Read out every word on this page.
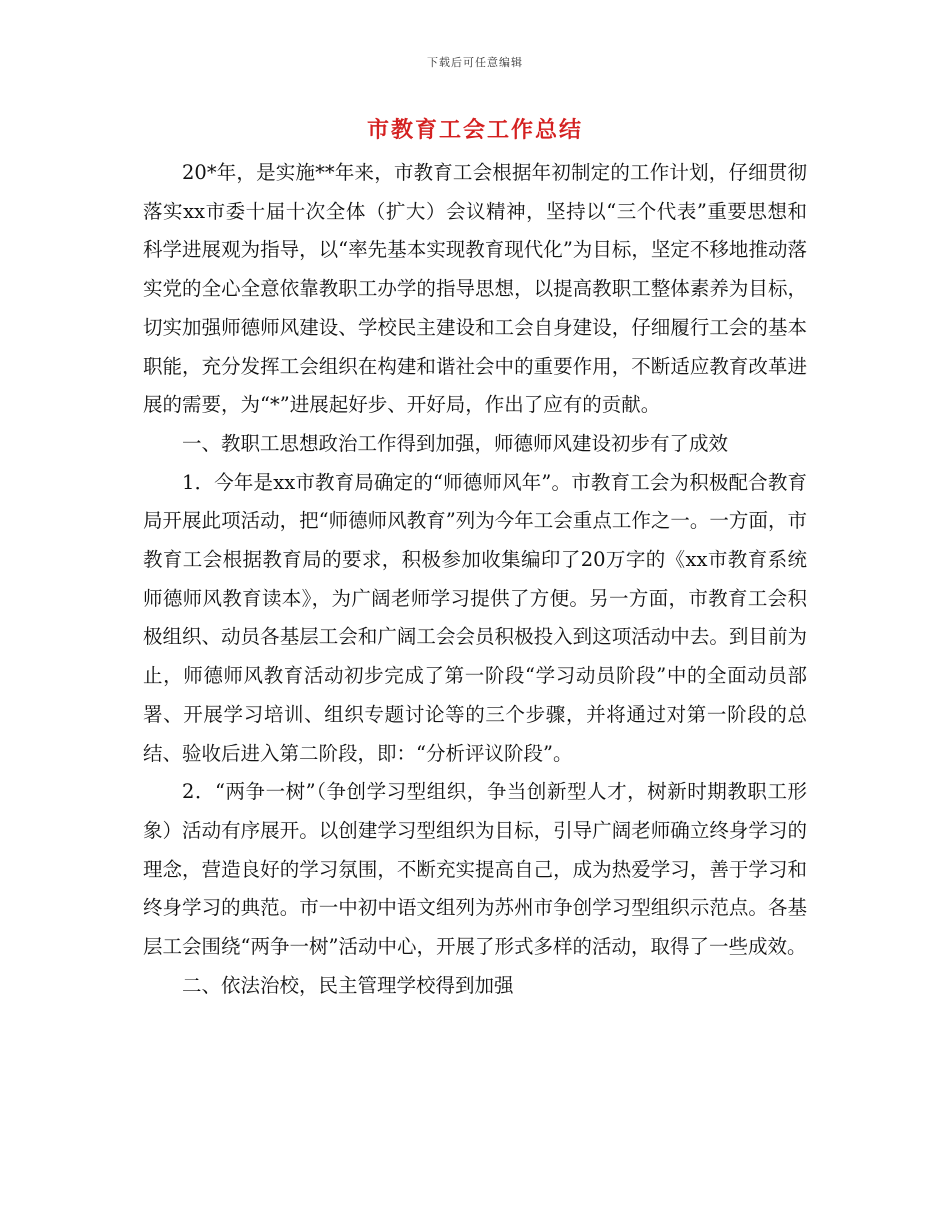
下载后可任意编辑
市教育工会工作总结

20*年，是实施**年来，市教育工会根据年初制定的工作计划，仔细贯彻落实xx市委十届十次全体（扩大）会议精神，坚持以“三个代表”重要思想和科学进展观为指导，以“率先基本实现教育现代化”为目标，坚定不移地推动落实党的全心全意依靠教职工办学的指导思想，以提高教职工整体素养为目标，切实加强师德师风建设、学校民主建设和工会自身建设，仔细履行工会的基本职能，充分发挥工会组织在构建和谐社会中的重要作用，不断适应教育改革进展的需要，为“*”进展起好步、开好局，作出了应有的贡献。

一、教职工思想政治工作得到加强，师德师风建设初步有了成效

1．今年是xx市教育局确定的“师德师风年”。市教育工会为积极配合教育局开展此项活动，把“师德师风教育”列为今年工会重点工作之一。一方面，市教育工会根据教育局的要求，积极参加收集编印了20万字的《xx市教育系统师德师风教育读本》，为广阔老师学习提供了方便。另一方面，市教育工会积极组织、动员各基层工会和广阔工会会员积极投入到这项活动中去。到目前为止，师德师风教育活动初步完成了第一阶段“学习动员阶段”中的全面动员部署、开展学习培训、组织专题讨论等的三个步骤，并将通过对第一阶段的总结、验收后进入第二阶段，即：“分析评议阶段”。

2．“两争一树”（争创学习型组织，争当创新型人才，树新时期教职工形象）活动有序展开。以创建学习型组织为目标，引导广阔老师确立终身学习的理念，营造良好的学习氛围，不断充实提高自己，成为热爱学习，善于学习和终身学习的典范。市一中初中语文组列为苏州市争创学习型组织示范点。各基层工会围绕“两争一树”活动中心，开展了形式多样的活动，取得了一些成效。

二、依法治校，民主管理学校得到加强
